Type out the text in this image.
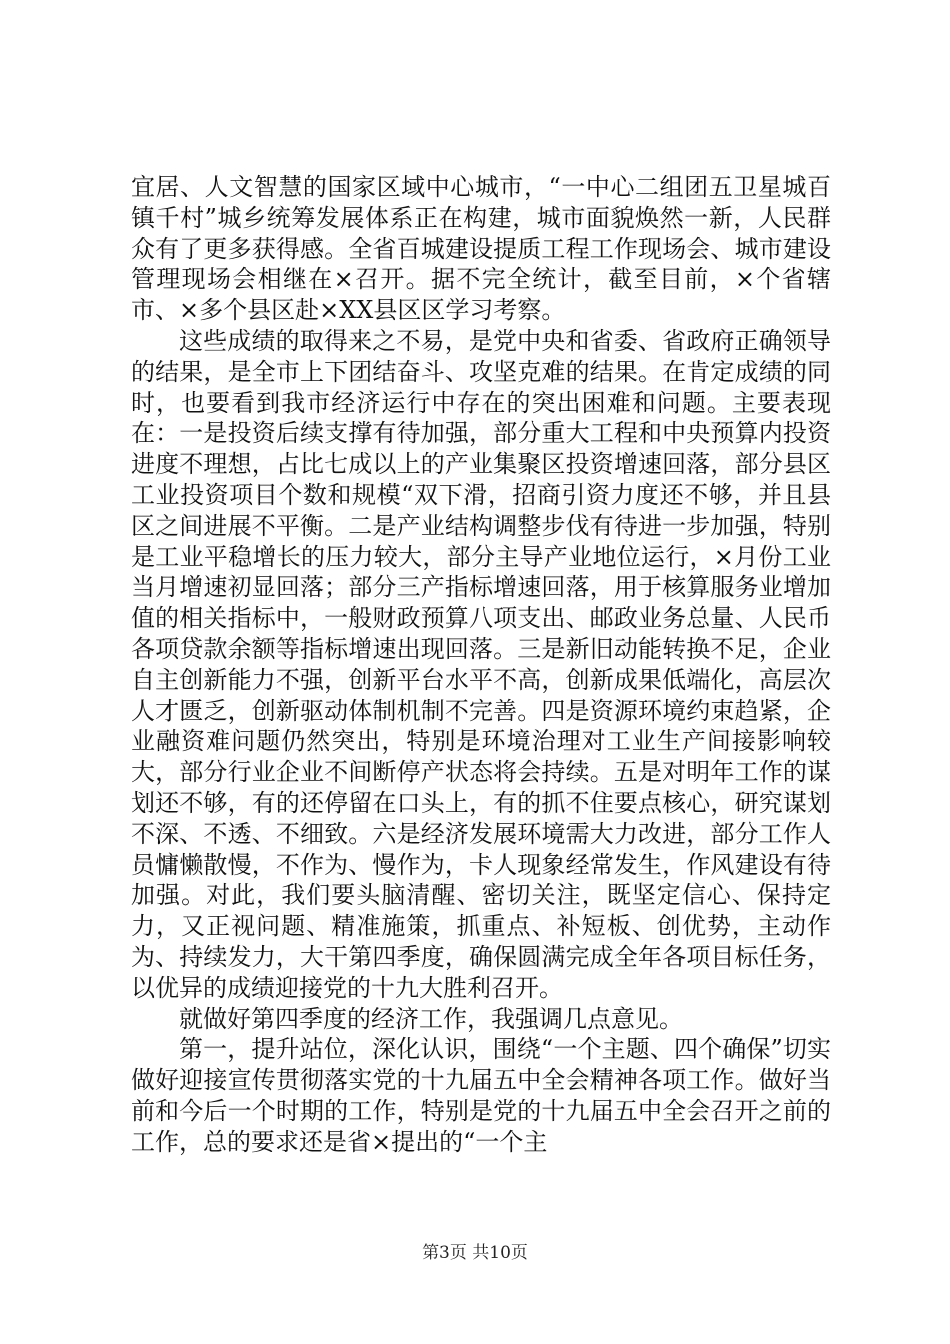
宜居、人文智慧的国家区域中心城市，“一中心二组团五卫星城百镇千村”城乡统筹发展体系正在构建，城市面貌焕然一新，人民群众有了更多获得感。全省百城建设提质工程工作现场会、城市建设管理现场会相继在×召开。据不完全统计，截至目前，×个省辖市、×多个县区赴×XX县区区学习考察。

这些成绩的取得来之不易，是党中央和省委、省政府正确领导的结果，是全市上下团结奋斗、攻坚克难的结果。在肯定成绩的同时，也要看到我市经济运行中存在的突出困难和问题。主要表现在：一是投资后续支撑有待加强，部分重大工程和中央预算内投资进度不理想，占比七成以上的产业集聚区投资增速回落，部分县区工业投资项目个数和规模“双下滑，招商引资力度还不够，并且县区之间进展不平衡。二是产业结构调整步伐有待进一步加强，特别是工业平稳增长的压力较大，部分主导产业地位运行，×月份工业当月增速初显回落；部分三产指标增速回落，用于核算服务业增加值的相关指标中，一般财政预算八项支出、邮政业务总量、人民币各项贷款余额等指标增速出现回落。三是新旧动能转换不足，企业自主创新能力不强，创新平台水平不高，创新成果低端化，高层次人才匮乏，创新驱动体制机制不完善。四是资源环境约束趋紧，企业融资难问题仍然突出，特别是环境治理对工业生产间接影响较大，部分行业企业不间断停产状态将会持续。五是对明年工作的谋划还不够，有的还停留在口头上，有的抓不住要点核心，研究谋划不深、不透、不细致。六是经济发展环境需大力改进，部分工作人员慵懒散慢，不作为、慢作为，卡人现象经常发生，作风建设有待加强。对此，我们要头脑清醒、密切关注，既坚定信心、保持定力，又正视问题、精准施策，抓重点、补短板、创优势，主动作为、持续发力，大干第四季度，确保圆满完成全年各项目标任务，以优异的成绩迎接党的十九大胜利召开。

就做好第四季度的经济工作，我强调几点意见。

第一，提升站位，深化认识，围绕“一个主题、四个确保”切实做好迎接宣传贯彻落实党的十九届五中全会精神各项工作。做好当前和今后一个时期的工作，特别是党的十九届五中全会召开之前的工作，总的要求还是省×提出的“一个主

第3页 共10页
